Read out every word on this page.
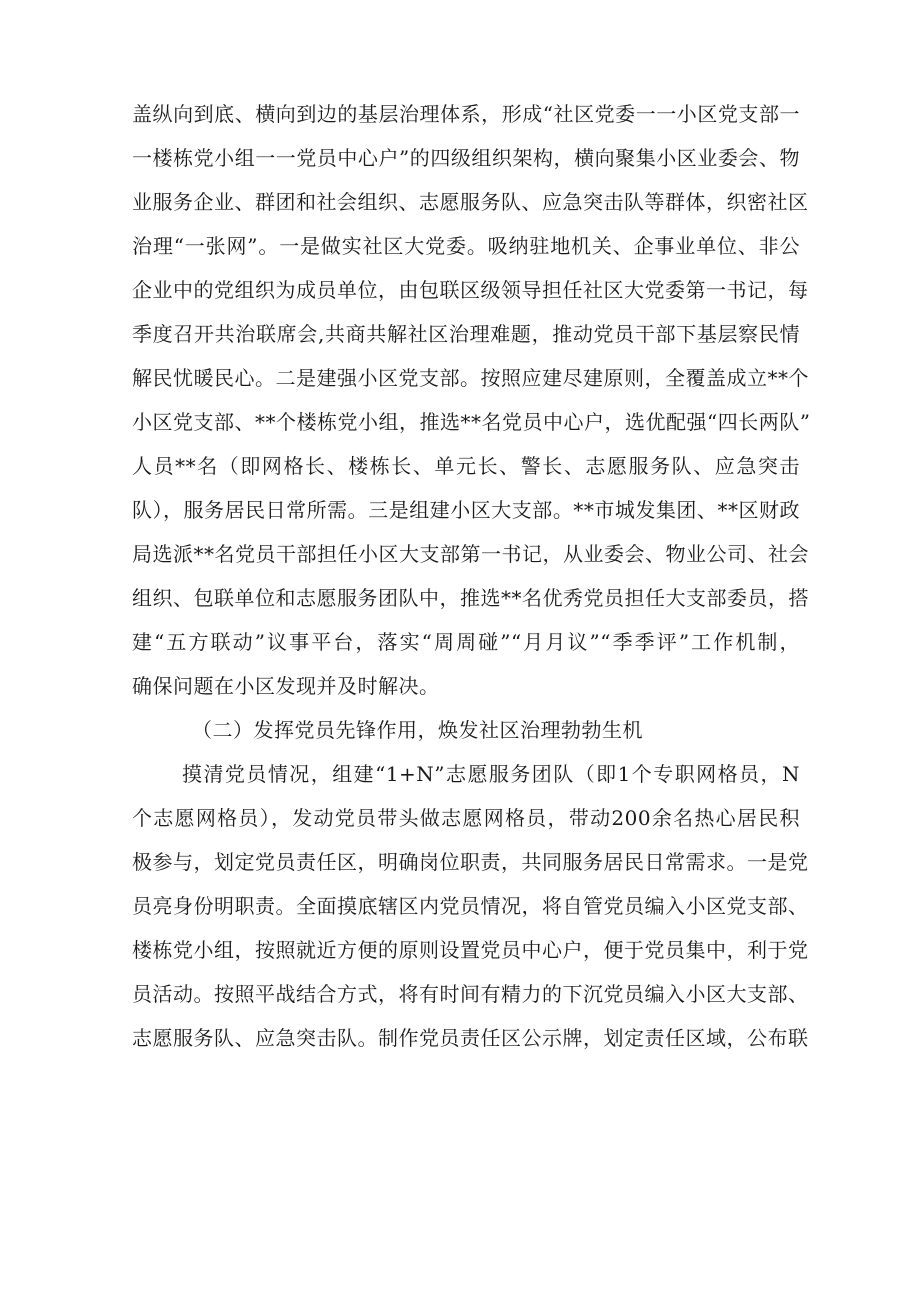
盖纵向到底、横向到边的基层治理体系，形成“社区党委一一小区党支部一
一楼栋党小组一一党员中心户”的四级组织架构，横向聚集小区业委会、物
业服务企业、群团和社会组织、志愿服务队、应急突击队等群体，织密社区
治理“一张网”。一是做实社区大党委。吸纳驻地机关、企事业单位、非公
企业中的党组织为成员单位，由包联区级领导担任社区大党委第一书记，每
季度召开共治联席会,共商共解社区治理难题，推动党员干部下基层察民情
解民忧暖民心。二是建强小区党支部。按照应建尽建原则，全覆盖成立**个
小区党支部、**个楼栋党小组，推选**名党员中心户，选优配强“四长两队”
人员**名（即网格长、楼栋长、单元长、警长、志愿服务队、应急突击
队），服务居民日常所需。三是组建小区大支部。**市城发集团、**区财政
局选派**名党员干部担任小区大支部第一书记，从业委会、物业公司、社会
组织、包联单位和志愿服务团队中，推选**名优秀党员担任大支部委员，搭
建“五方联动”议事平台，落实“周周碰”“月月议”“季季评”工作机制，
确保问题在小区发现并及时解决。
（二）发挥党员先锋作用，焕发社区治理勃勃生机
摸清党员情况，组建“1+N”志愿服务团队（即1个专职网格员，N
个志愿网格员），发动党员带头做志愿网格员，带动200余名热心居民积
极参与，划定党员责任区，明确岗位职责，共同服务居民日常需求。一是党
员亮身份明职责。全面摸底辖区内党员情况，将自管党员编入小区党支部、
楼栋党小组，按照就近方便的原则设置党员中心户，便于党员集中，利于党
员活动。按照平战结合方式，将有时间有精力的下沉党员编入小区大支部、
志愿服务队、应急突击队。制作党员责任区公示牌，划定责任区域，公布联
